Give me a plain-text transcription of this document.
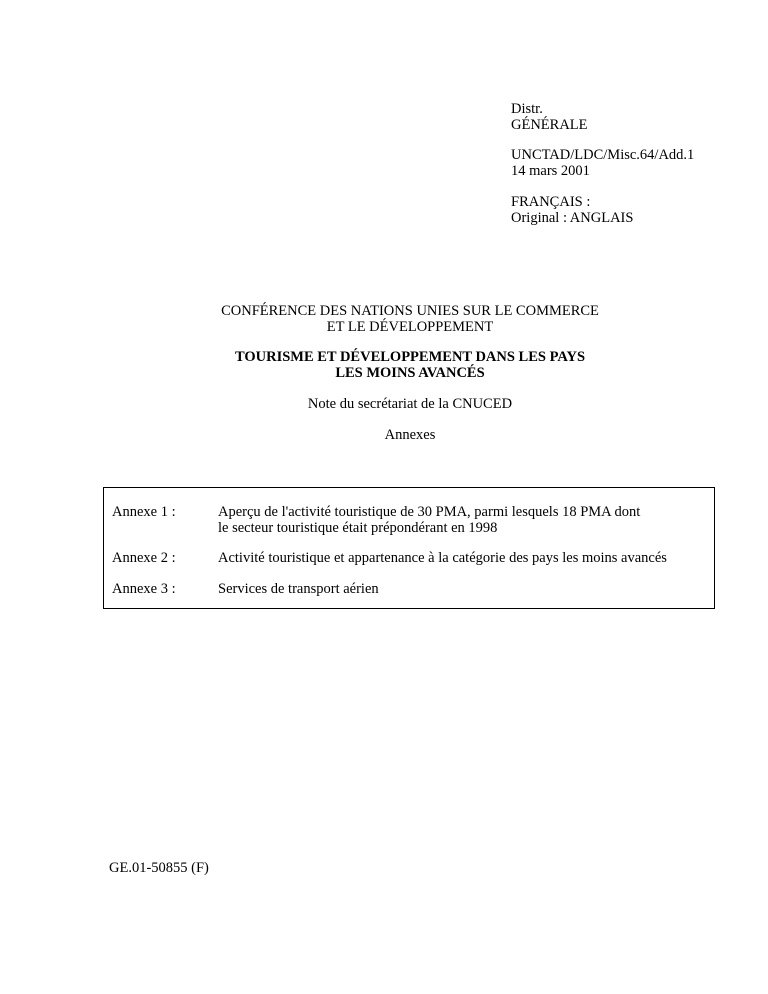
Distr.
GÉNÉRALE
UNCTAD/LDC/Misc.64/Add.1
14 mars 2001
FRANÇAIS :
Original : ANGLAIS
CONFÉRENCE DES NATIONS UNIES SUR LE COMMERCE
ET LE DÉVELOPPEMENT
TOURISME ET DÉVELOPPEMENT DANS LES PAYS
LES MOINS AVANCÉS
Note du secrétariat de la CNUCED
Annexes
Annexe 1 :	Aperçu de l'activité touristique de 30 PMA, parmi lesquels 18 PMA dont
le secteur touristique était prépondérant en 1998
Annexe 2 :	Activité touristique et appartenance à la catégorie des pays les moins avancés
Annexe 3 :	Services de transport aérien
GE.01-50855 (F)
